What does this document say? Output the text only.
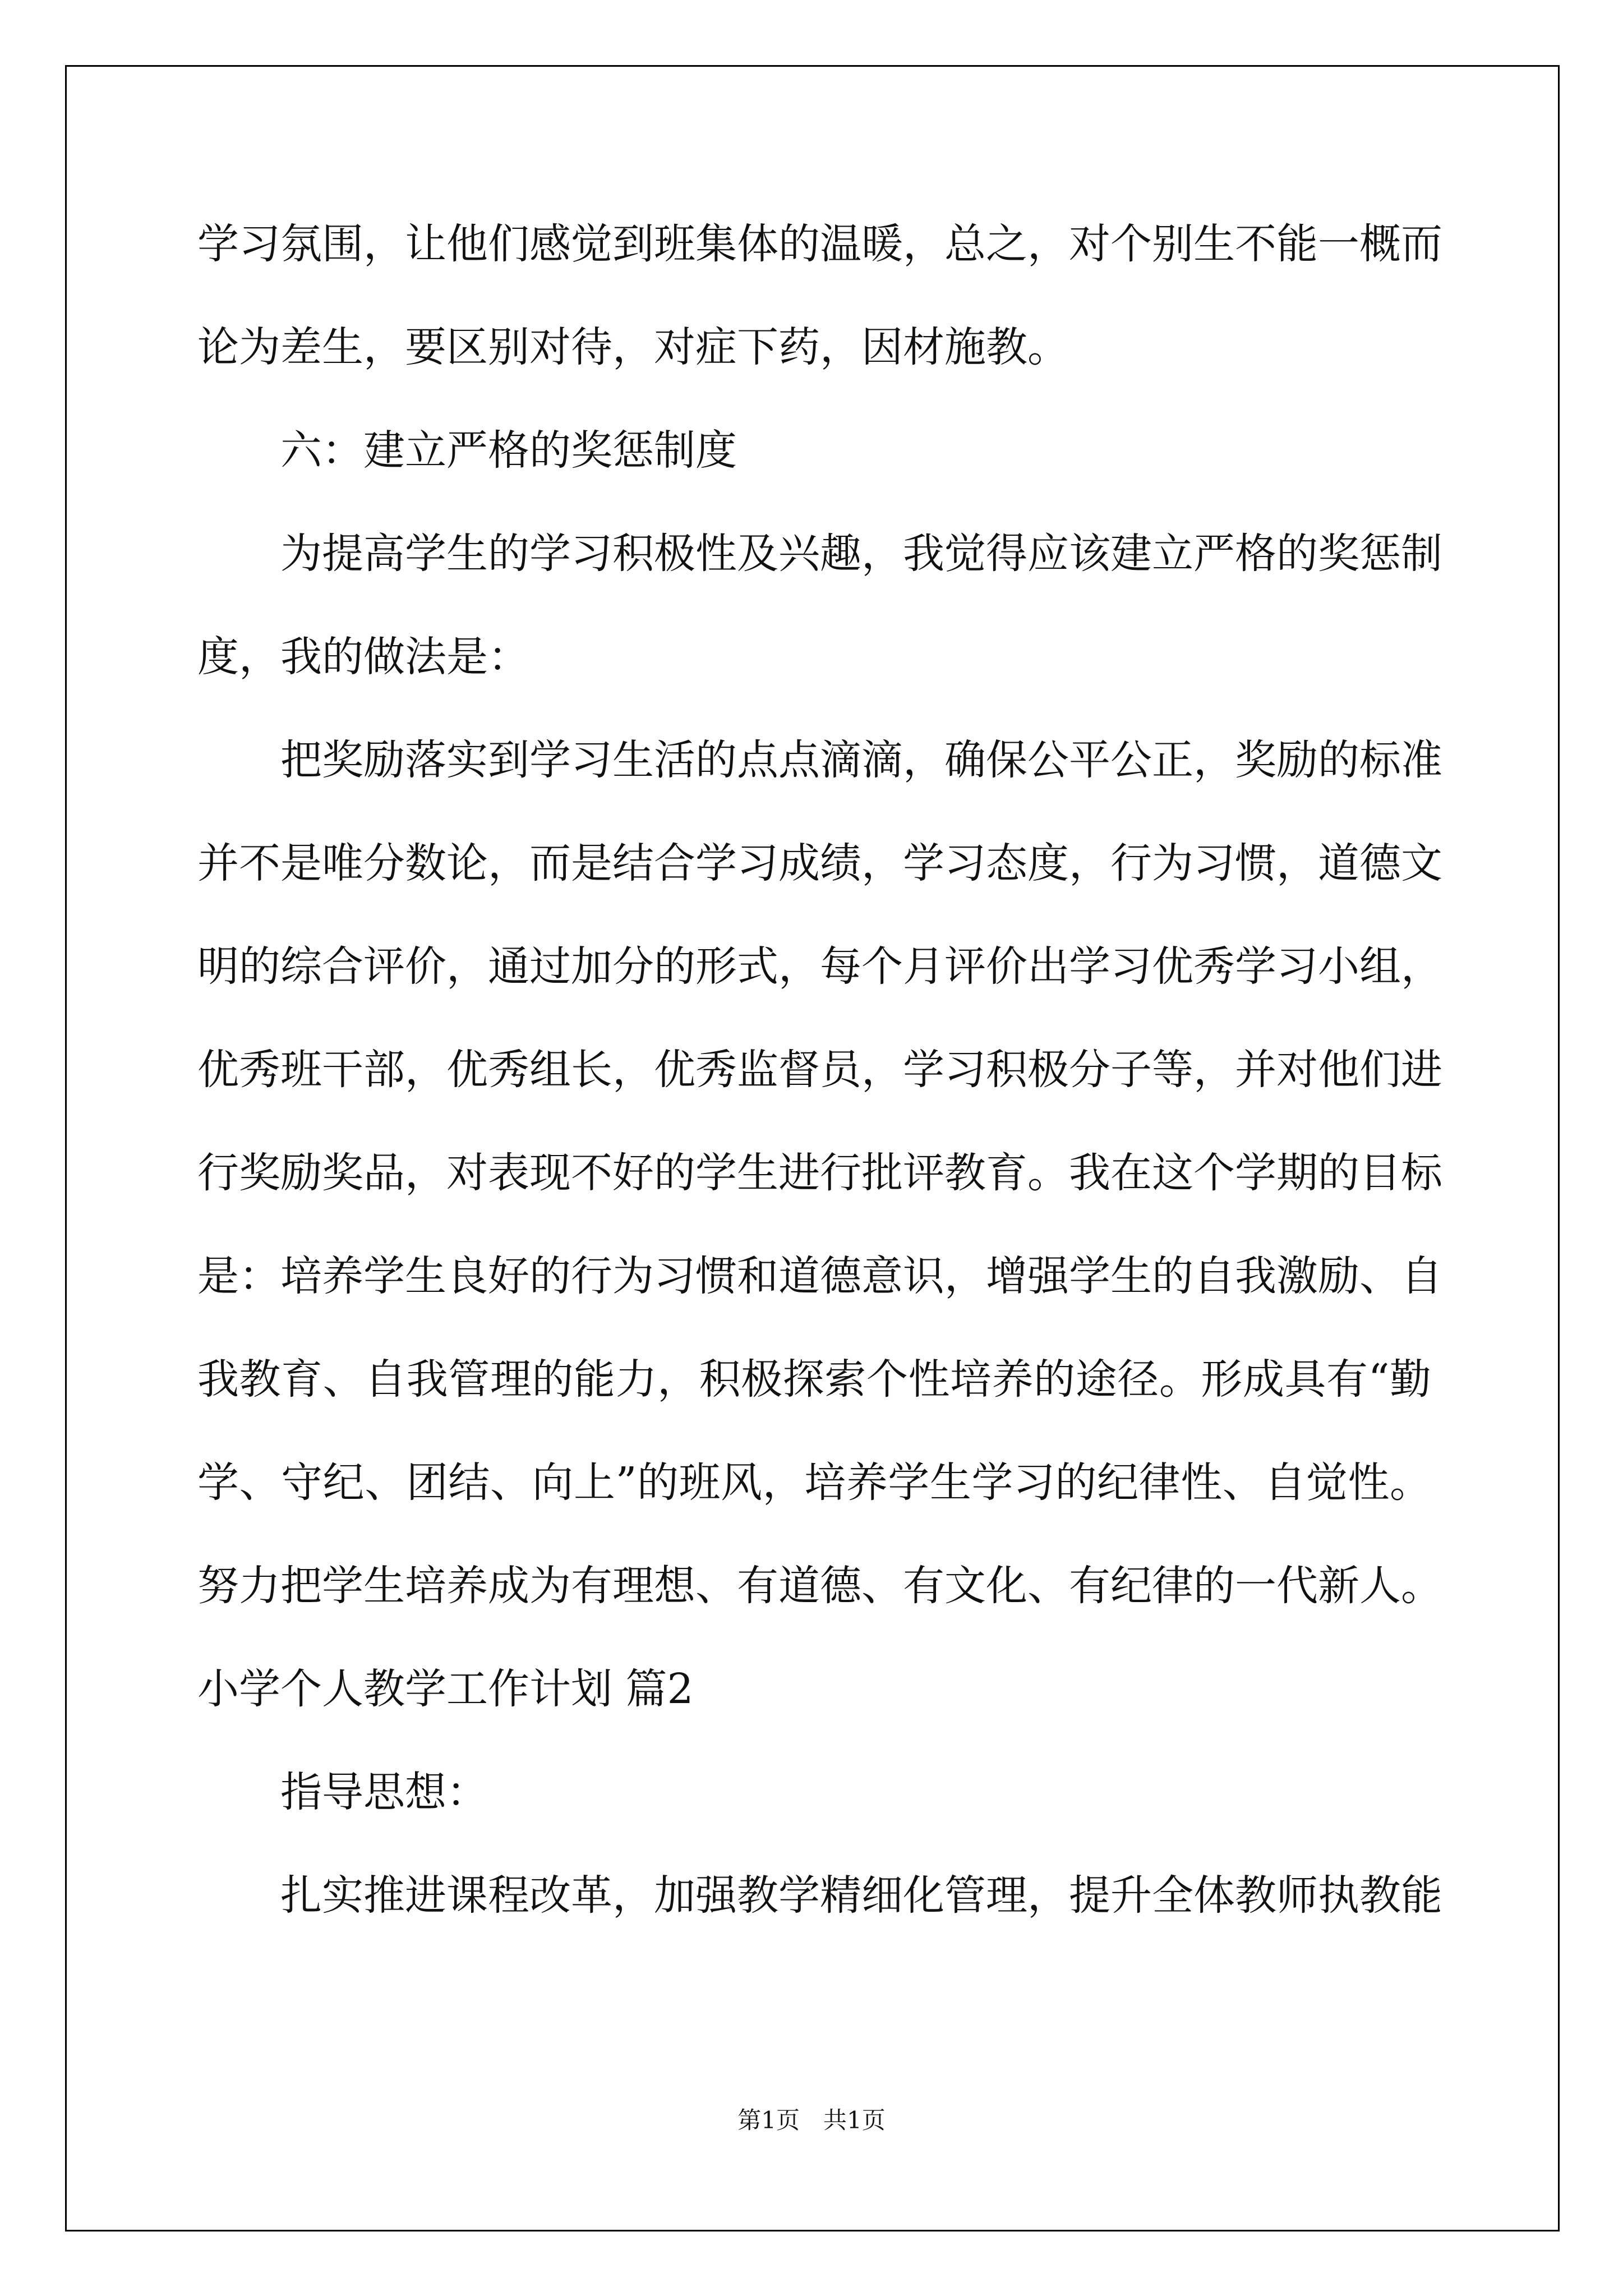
学习氛围，让他们感觉到班集体的温暖，总之，对个别生不能一概而
论为差生，要区别对待，对症下药，因材施教。
六：建立严格的奖惩制度
为提高学生的学习积极性及兴趣，我觉得应该建立严格的奖惩制
度，我的做法是：
把奖励落实到学习生活的点点滴滴，确保公平公正，奖励的标准
并不是唯分数论，而是结合学习成绩，学习态度，行为习惯，道德文
明的综合评价，通过加分的形式，每个月评价出学习优秀学习小组，
优秀班干部，优秀组长，优秀监督员，学习积极分子等，并对他们进
行奖励奖品，对表现不好的学生进行批评教育。我在这个学期的目标
是：培养学生良好的行为习惯和道德意识，增强学生的自我激励、自
我教育、自我管理的能力，积极探索个性培养的途径。形成具有“勤
学、守纪、团结、向上”的班风，培养学生学习的纪律性、自觉性。
努力把学生培养成为有理想、有道德、有文化、有纪律的一代新人。
小学个人教学工作计划 篇2
指导思想：
扎实推进课程改革，加强教学精细化管理，提升全体教师执教能
第1页　共1页
